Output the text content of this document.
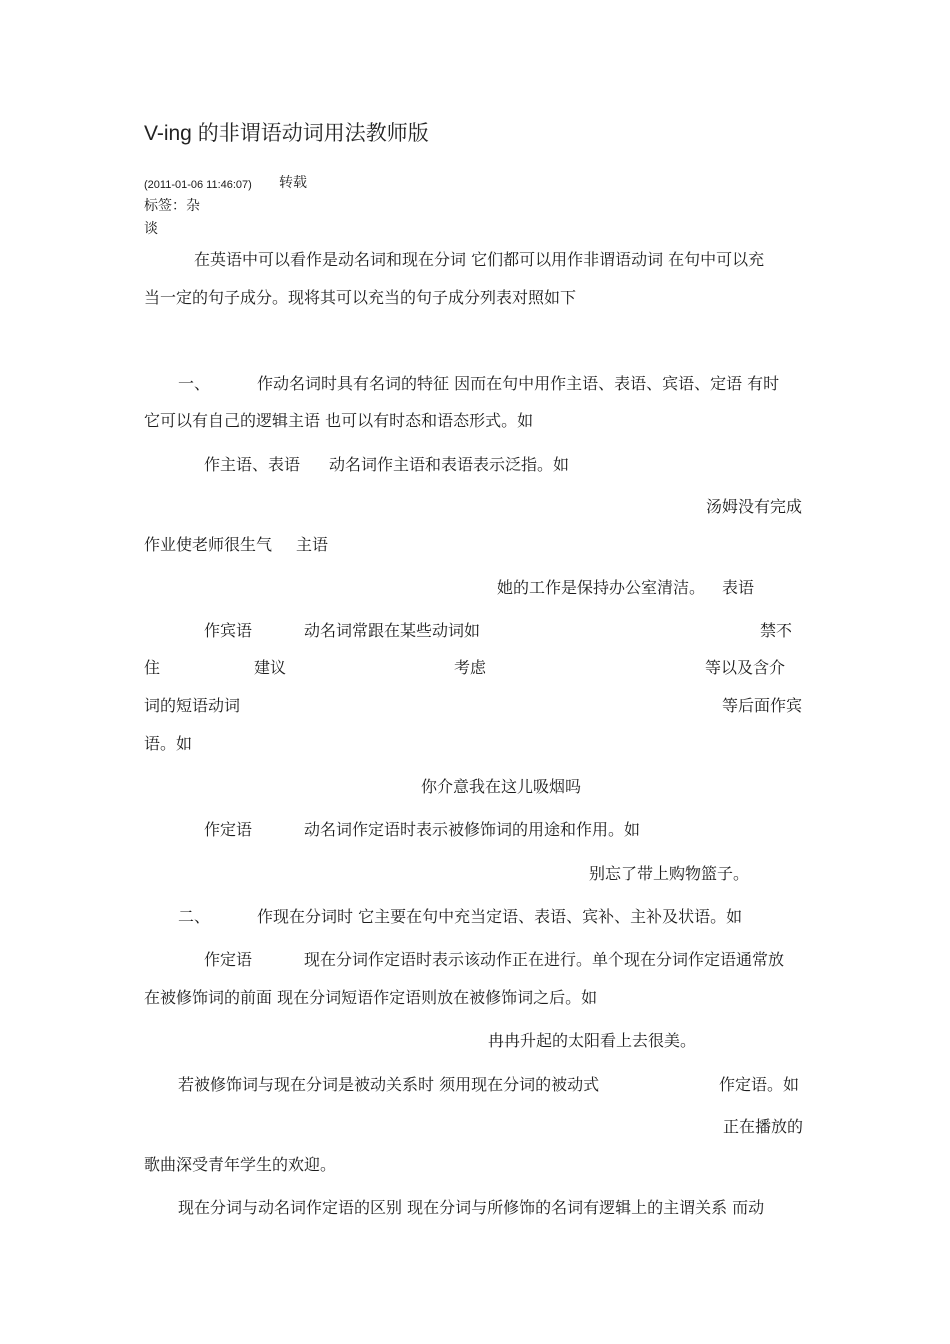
V-ing 的非谓语动词用法教师版
(2011-01-06 11:46:07) 转载
标签：杂
谈
在英语中可以看作是动名词和现在分词 它们都可以用作非谓语动词 在句中可以充
当一定的句子成分。现将其可以充当的句子成分列表对照如下
一、	作动名词时具有名词的特征 因而在句中用作主语、表语、宾语、定语 有时
它可以有自己的逻辑主语 也可以有时态和语态形式。如
作主语、表语 动名词作主语和表语表示泛指。如
汤姆没有完成
作业使老师很生气 主语
她的工作是保持办公室清洁。 表语
作宾语	动名词常跟在某些动词如	禁不
住	建议	考虑	等以及含介
词的短语动词	等后面作宾
语。如
你介意我在这儿吸烟吗
作定语	动名词作定语时表示被修饰词的用途和作用。如
别忘了带上购物篮子。
二、	作现在分词时 它主要在句中充当定语、表语、宾补、主补及状语。如
作定语	现在分词作定语时表示该动作正在进行。单个现在分词作定语通常放
在被修饰词的前面 现在分词短语作定语则放在被修饰词之后。如
冉冉升起的太阳看上去很美。
若被修饰词与现在分词是被动关系时 须用现在分词的被动式	作定语。如
正在播放的
歌曲深受青年学生的欢迎。
现在分词与动名词作定语的区别 现在分词与所修饰的名词有逻辑上的主谓关系 而动
